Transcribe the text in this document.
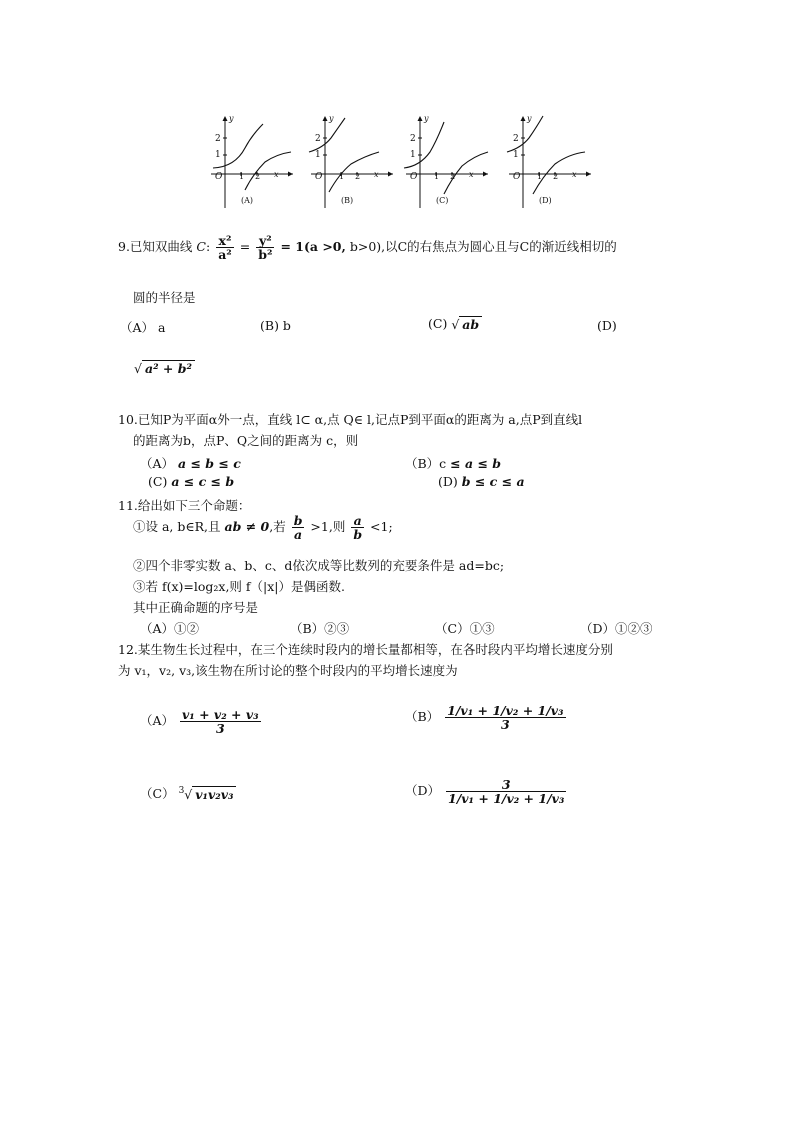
y
2
1
O 1 2 x
y
2
1
O 1 2 x
y
2
1
O 1 2 x
y
2
1
O 1 2 x
(A)	(B)	(C)	(D)
9.已知双曲线 C: $\frac{\text{x²}}{\text{a²}} = \frac{\text{y²}}{\text{b²}} = 1(a >0$, b>0),以C的右焦点为圆心且与C的渐近线相切的
圆的半径是
（A） a	(B) b	(C) √ ab	(D)
√ a² + b²
10.已知P为平面α外一点，直线 l⊂ α,点 Q∈ l,记点P到平面α的距离为 a,点P到直线l
的距离为b，点P、Q之间的距离为 c，则
（A） a ≤ b ≤ c	（B）c ≤ a ≤ b
(C) a ≤ c ≤ b	(D) b ≤ c ≤ a
11.给出如下三个命题：
①设 a, b∈R,且 ab ≠ 0,若 $\frac{b}{a} >1$,则 $\frac{a}{b} <1$;
②四个非零实数 a、b、c、d依次成等比数列的充要条件是 ad=bc;
③若 f(x)=log₂x,则 f（|x|）是偶函数.
其中正确命题的序号是
（A）①②	（B）②③	（C）①③	（D）①②③
12.某生物生长过程中，在三个连续时段内的增长量都相等，在各时段内平均增长速度分别
为 v₁，v₂, v₃,该生物在所讨论的整个时段内的平均增长速度为
$(A) \frac{\text{v₁ + v₂ + v₃}}{3}$	$(B) \frac{\text{1/v₁ + 1/v₂ + 1/v₃}}{3}$
（C） $^3$√ v₁v₂v₃	$(D) \frac{3}{\text{1/v₁ + 1/v₂ + 1/v₃}}$
